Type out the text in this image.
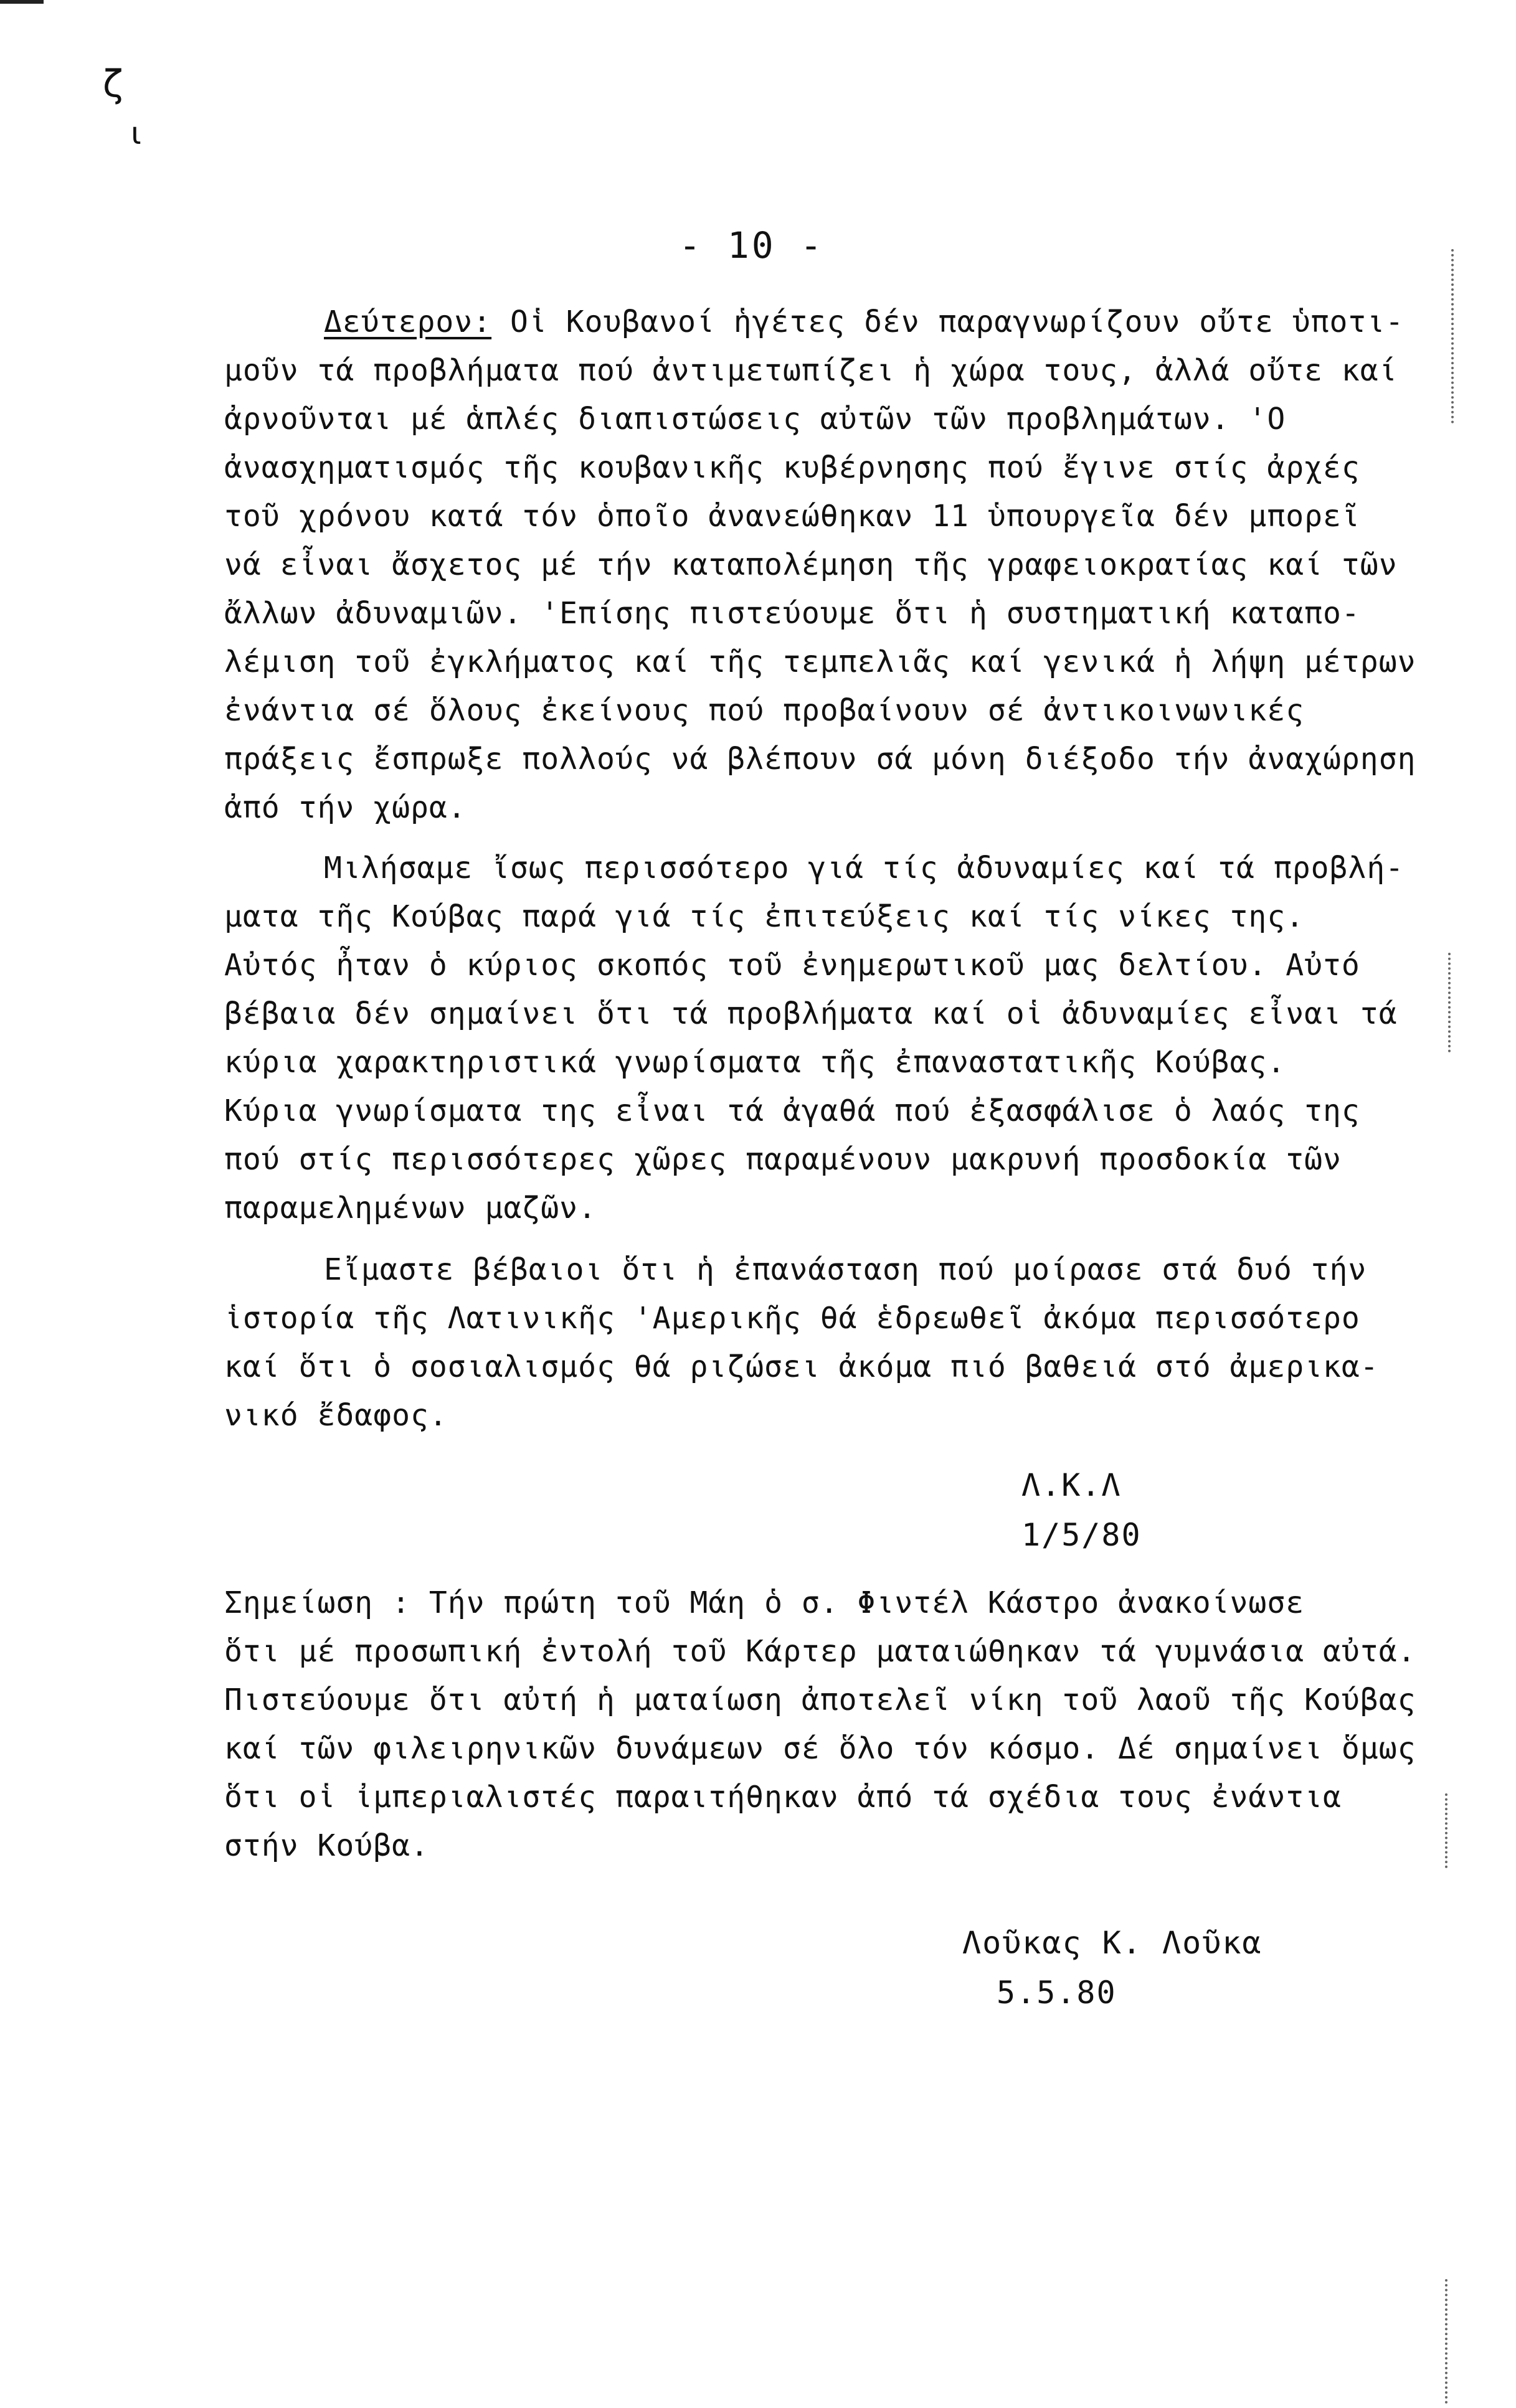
ζ
ι
- 10 -
Δεύτερον: Οἱ Κουβανοί ἡγέτες δέν παραγνωρίζουν οὔτε ὑποτι-
μοῦν τά προβλήματα πού ἀντιμετωπίζει ἡ χώρα τους, ἀλλά οὔτε καί
ἀρνοῦνται μέ ἁπλές διαπιστώσεις αὐτῶν τῶν προβλημάτων. 'Ο
ἀνασχηματισμός τῆς κουβανικῆς κυβέρνησης πού ἔγινε στίς ἀρχές
τοῦ χρόνου κατά τόν ὁποῖο ἀνανεώθηκαν 11 ὑπουργεῖα δέν μπορεῖ
νά εἶναι ἄσχετος μέ τήν καταπολέμηση τῆς γραφειοκρατίας καί τῶν
ἄλλων ἀδυναμιῶν. 'Επίσης πιστεύουμε ὅτι ἡ συστηματική καταπο-
λέμιση τοῦ ἐγκλήματος καί τῆς τεμπελιᾶς καί γενικά ἡ λήψη μέτρων
ἐνάντια σέ ὅλους ἐκείνους πού προβαίνουν σέ ἀντικοινωνικές
πράξεις ἔσπρωξε πολλούς νά βλέπουν σά μόνη διέξοδο τήν ἀναχώρηση
ἀπό τήν χώρα.
Μιλήσαμε ἴσως περισσότερο γιά τίς ἀδυναμίες καί τά προβλή-
ματα τῆς Κούβας παρά γιά τίς ἐπιτεύξεις καί τίς νίκες της.
Αὐτός ἦταν ὁ κύριος σκοπός τοῦ ἐνημερωτικοῦ μας δελτίου. Αὐτό
βέβαια δέν σημαίνει ὅτι τά προβλήματα καί οἱ ἀδυναμίες εἶναι τά
κύρια χαρακτηριστικά γνωρίσματα τῆς ἐπαναστατικῆς Κούβας.
Κύρια γνωρίσματα της εἶναι τά ἀγαθά πού ἐξασφάλισε ὁ λαός της
πού στίς περισσότερες χῶρες παραμένουν μακρυνή προσδοκία τῶν
παραμελημένων μαζῶν.
Εἴμαστε βέβαιοι ὅτι ἡ ἐπανάσταση πού μοίρασε στά δυό τήν
ἱστορία τῆς Λατινικῆς 'Αμερικῆς θά ἑδρεωθεῖ ἀκόμα περισσότερο
καί ὅτι ὁ σοσιαλισμός θά ριζώσει ἀκόμα πιό βαθειά στό ἀμερικα-
νικό ἔδαφος.
Λ.Κ.Λ
1/5/80
Σημείωση : Τήν πρώτη τοῦ Μάη ὁ σ. Φιντέλ Κάστρο ἀνακοίνωσε
ὅτι μέ προσωπική ἐντολή τοῦ Κάρτερ ματαιώθηκαν τά γυμνάσια αὐτά.
Πιστεύουμε ὅτι αὐτή ἡ ματαίωση ἀποτελεῖ νίκη τοῦ λαοῦ τῆς Κούβας
καί τῶν φιλειρηνικῶν δυνάμεων σέ ὅλο τόν κόσμο. Δέ σημαίνει ὅμως
ὅτι οἱ ἰμπεριαλιστές παραιτήθηκαν ἀπό τά σχέδια τους ἐνάντια
στήν Κούβα.
Λοῦκας Κ. Λοῦκα
5.5.80
